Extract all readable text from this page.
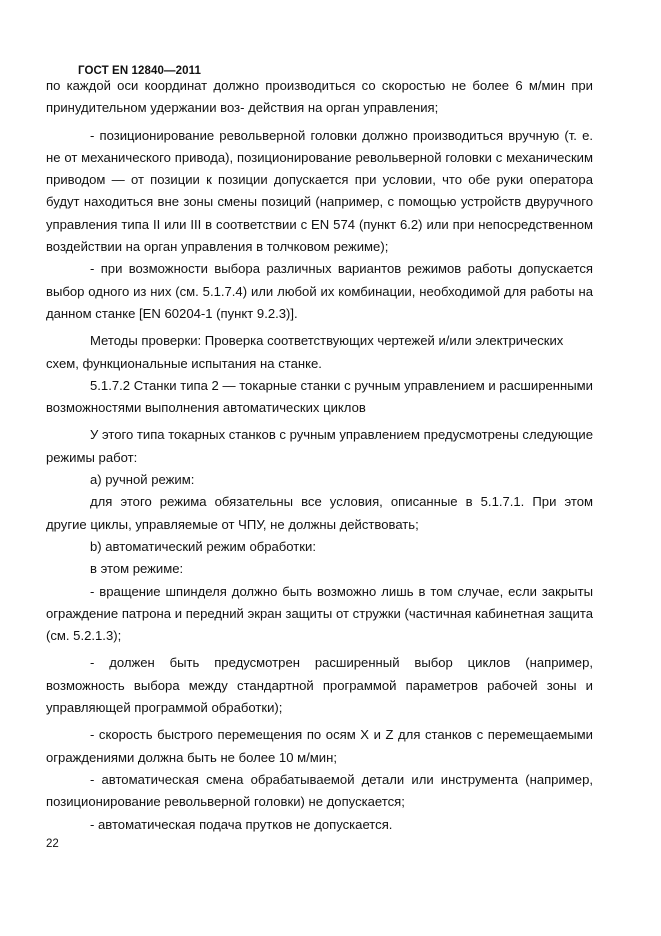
ГОСТ EN 12840—2011

по каждой оси координат должно производиться со скоростью не более 6 м/мин при принудительном удержании воз- действия на орган управления;

- позиционирование револьверной головки должно производиться вручную (т. е. не от механического привода), позиционирование револьверной головки с механическим приводом — от позиции к позиции допускается при условии, что обе руки оператора будут находиться вне зоны смены позиций (например, с помощью устройств двуручного управления типа II или III в соответствии с EN 574 (пункт 6.2) или при непосредственном воздействии на орган управления в толчковом режиме);

- при возможности выбора различных вариантов режимов работы допускается выбор одного из них (см. 5.1.7.4) или любой их комбинации, необходимой для работы на данном станке [EN 60204-1 (пункт 9.2.3)].

Методы проверки: Проверка соответствующих чертежей и/или электрических схем, функциональные испытания на станке.

5.1.7.2 Станки типа 2 — токарные станки с ручным управлением и расширенными возможностями выполнения автоматических циклов

У этого типа токарных станков с ручным управлением предусмотрены следующие режимы работ:

а) ручной режим:

для этого режима обязательны все условия, описанные в 5.1.7.1. При этом другие циклы, управляемые от ЧПУ, не должны действовать;

b) автоматический режим обработки:

в этом режиме:

- вращение шпинделя должно быть возможно лишь в том случае, если закрыты ограждение патрона и передний экран защиты от стружки (частичная кабинетная защита (см. 5.2.1.3);

- должен быть предусмотрен расширенный выбор циклов (например, возможность выбора между стандартной программой параметров рабочей зоны и управляющей программой обработки);

- скорость быстрого перемещения по осям X и Z для станков с перемещаемыми ограждениями должна быть не более 10 м/мин;

- автоматическая смена обрабатываемой детали или инструмента (например, позиционирование револьверной головки) не допускается;

- автоматическая подача прутков не допускается.

22
